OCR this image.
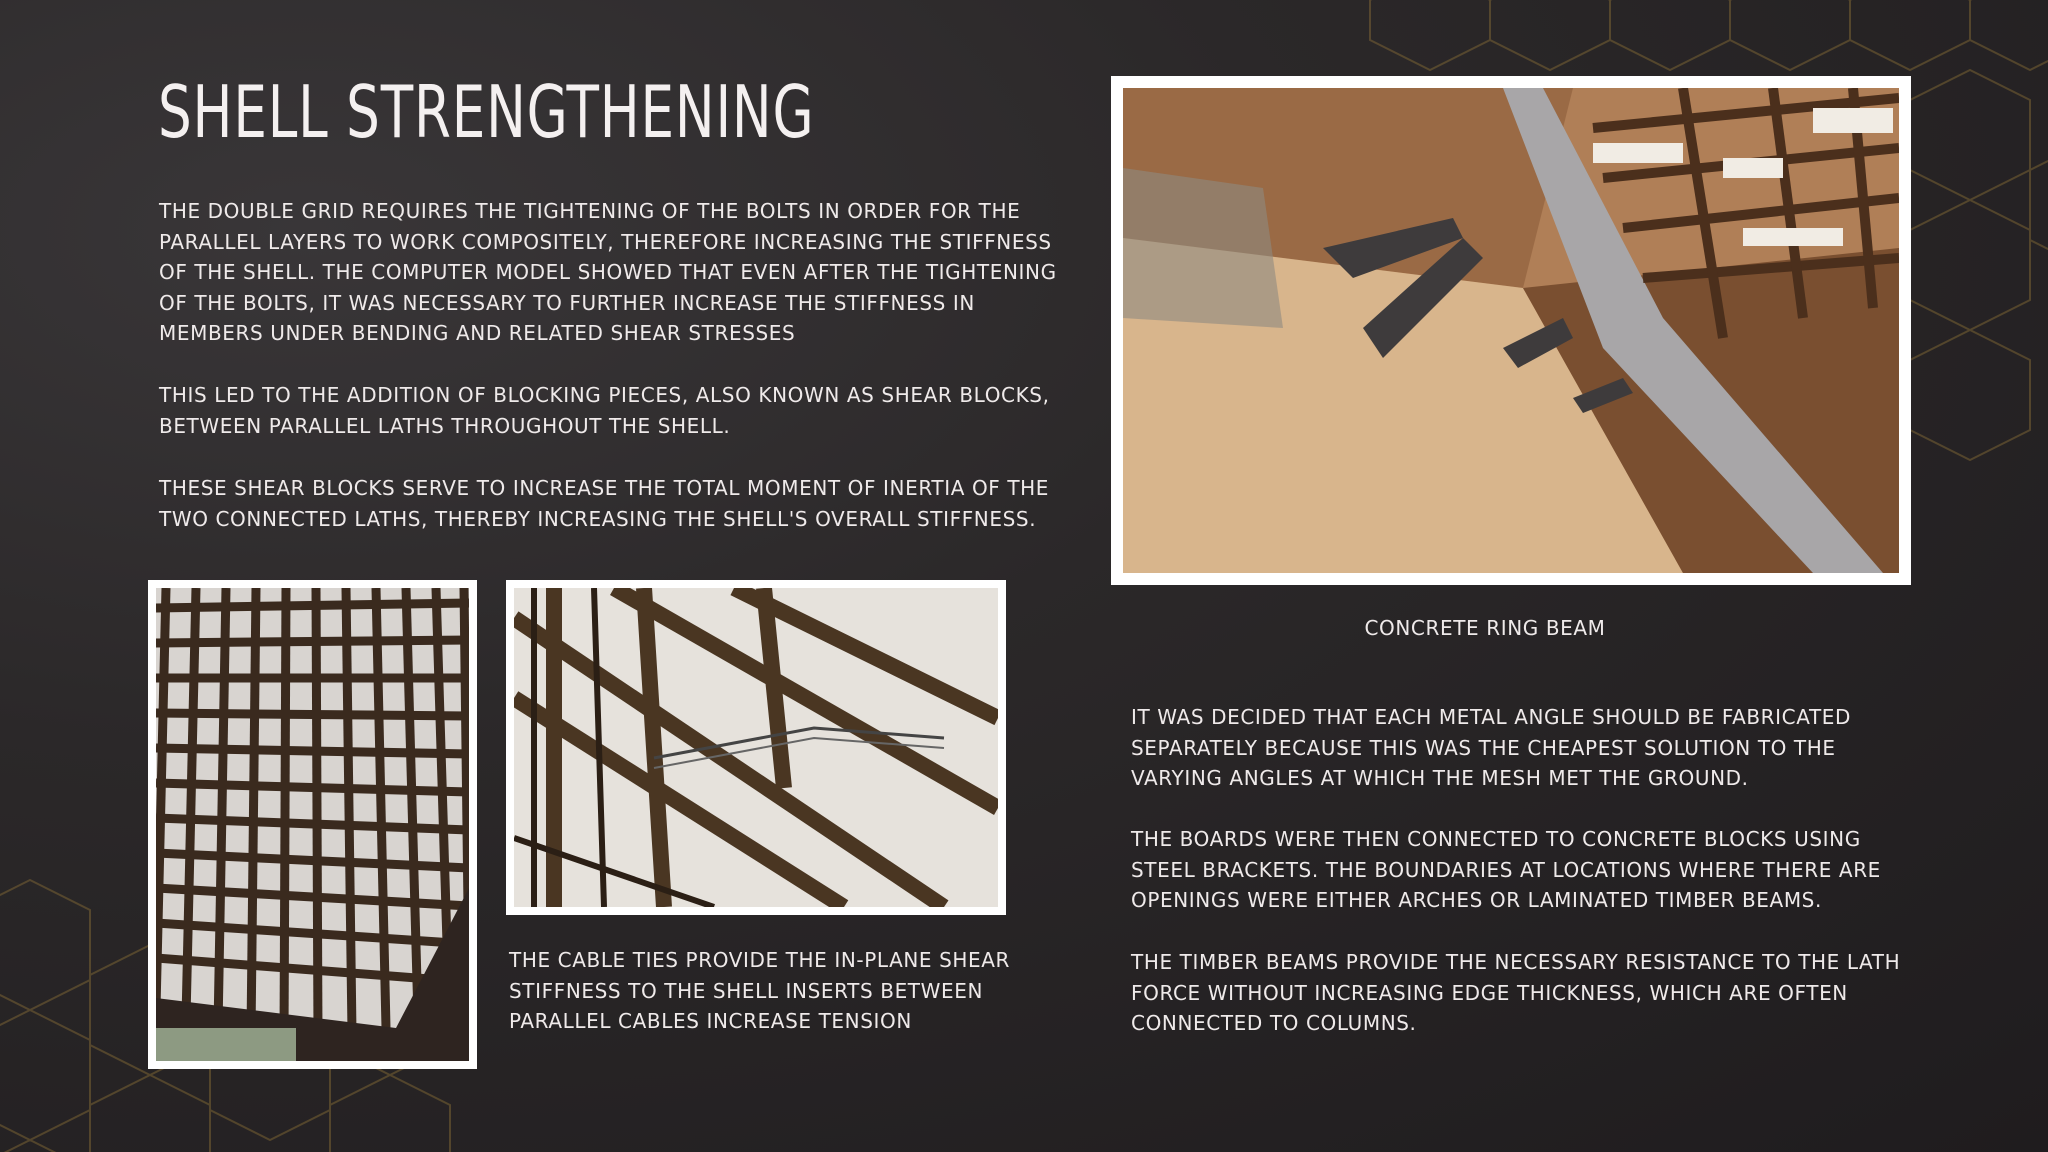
SHELL STRENGTHENING

THE DOUBLE GRID REQUIRES THE TIGHTENING OF THE BOLTS IN ORDER FOR THE PARALLEL LAYERS TO WORK COMPOSITELY, THEREFORE INCREASING THE STIFFNESS OF THE SHELL. THE COMPUTER MODEL SHOWED THAT EVEN AFTER THE TIGHTENING OF THE BOLTS, IT WAS NECESSARY TO FURTHER INCREASE THE STIFFNESS IN MEMBERS UNDER BENDING AND RELATED SHEAR STRESSES

THIS LED TO THE ADDITION OF BLOCKING PIECES, ALSO KNOWN AS SHEAR BLOCKS, BETWEEN PARALLEL LATHS THROUGHOUT THE SHELL.

THESE SHEAR BLOCKS SERVE TO INCREASE THE TOTAL MOMENT OF INERTIA OF THE TWO CONNECTED LATHS, THEREBY INCREASING THE SHELL'S OVERALL STIFFNESS.

CONCRETE RING BEAM

THE CABLE TIES PROVIDE THE IN-PLANE SHEAR STIFFNESS TO THE SHELL INSERTS BETWEEN PARALLEL CABLES INCREASE TENSION

IT WAS DECIDED THAT EACH METAL ANGLE SHOULD BE FABRICATED SEPARATELY BECAUSE THIS WAS THE CHEAPEST SOLUTION TO THE VARYING ANGLES AT WHICH THE MESH MET THE GROUND.

THE BOARDS WERE THEN CONNECTED TO CONCRETE BLOCKS USING STEEL BRACKETS. THE BOUNDARIES AT LOCATIONS WHERE THERE ARE OPENINGS WERE EITHER ARCHES OR LAMINATED TIMBER BEAMS.

THE TIMBER BEAMS PROVIDE THE NECESSARY RESISTANCE TO THE LATH FORCE WITHOUT INCREASING EDGE THICKNESS, WHICH ARE OFTEN CONNECTED TO COLUMNS.
